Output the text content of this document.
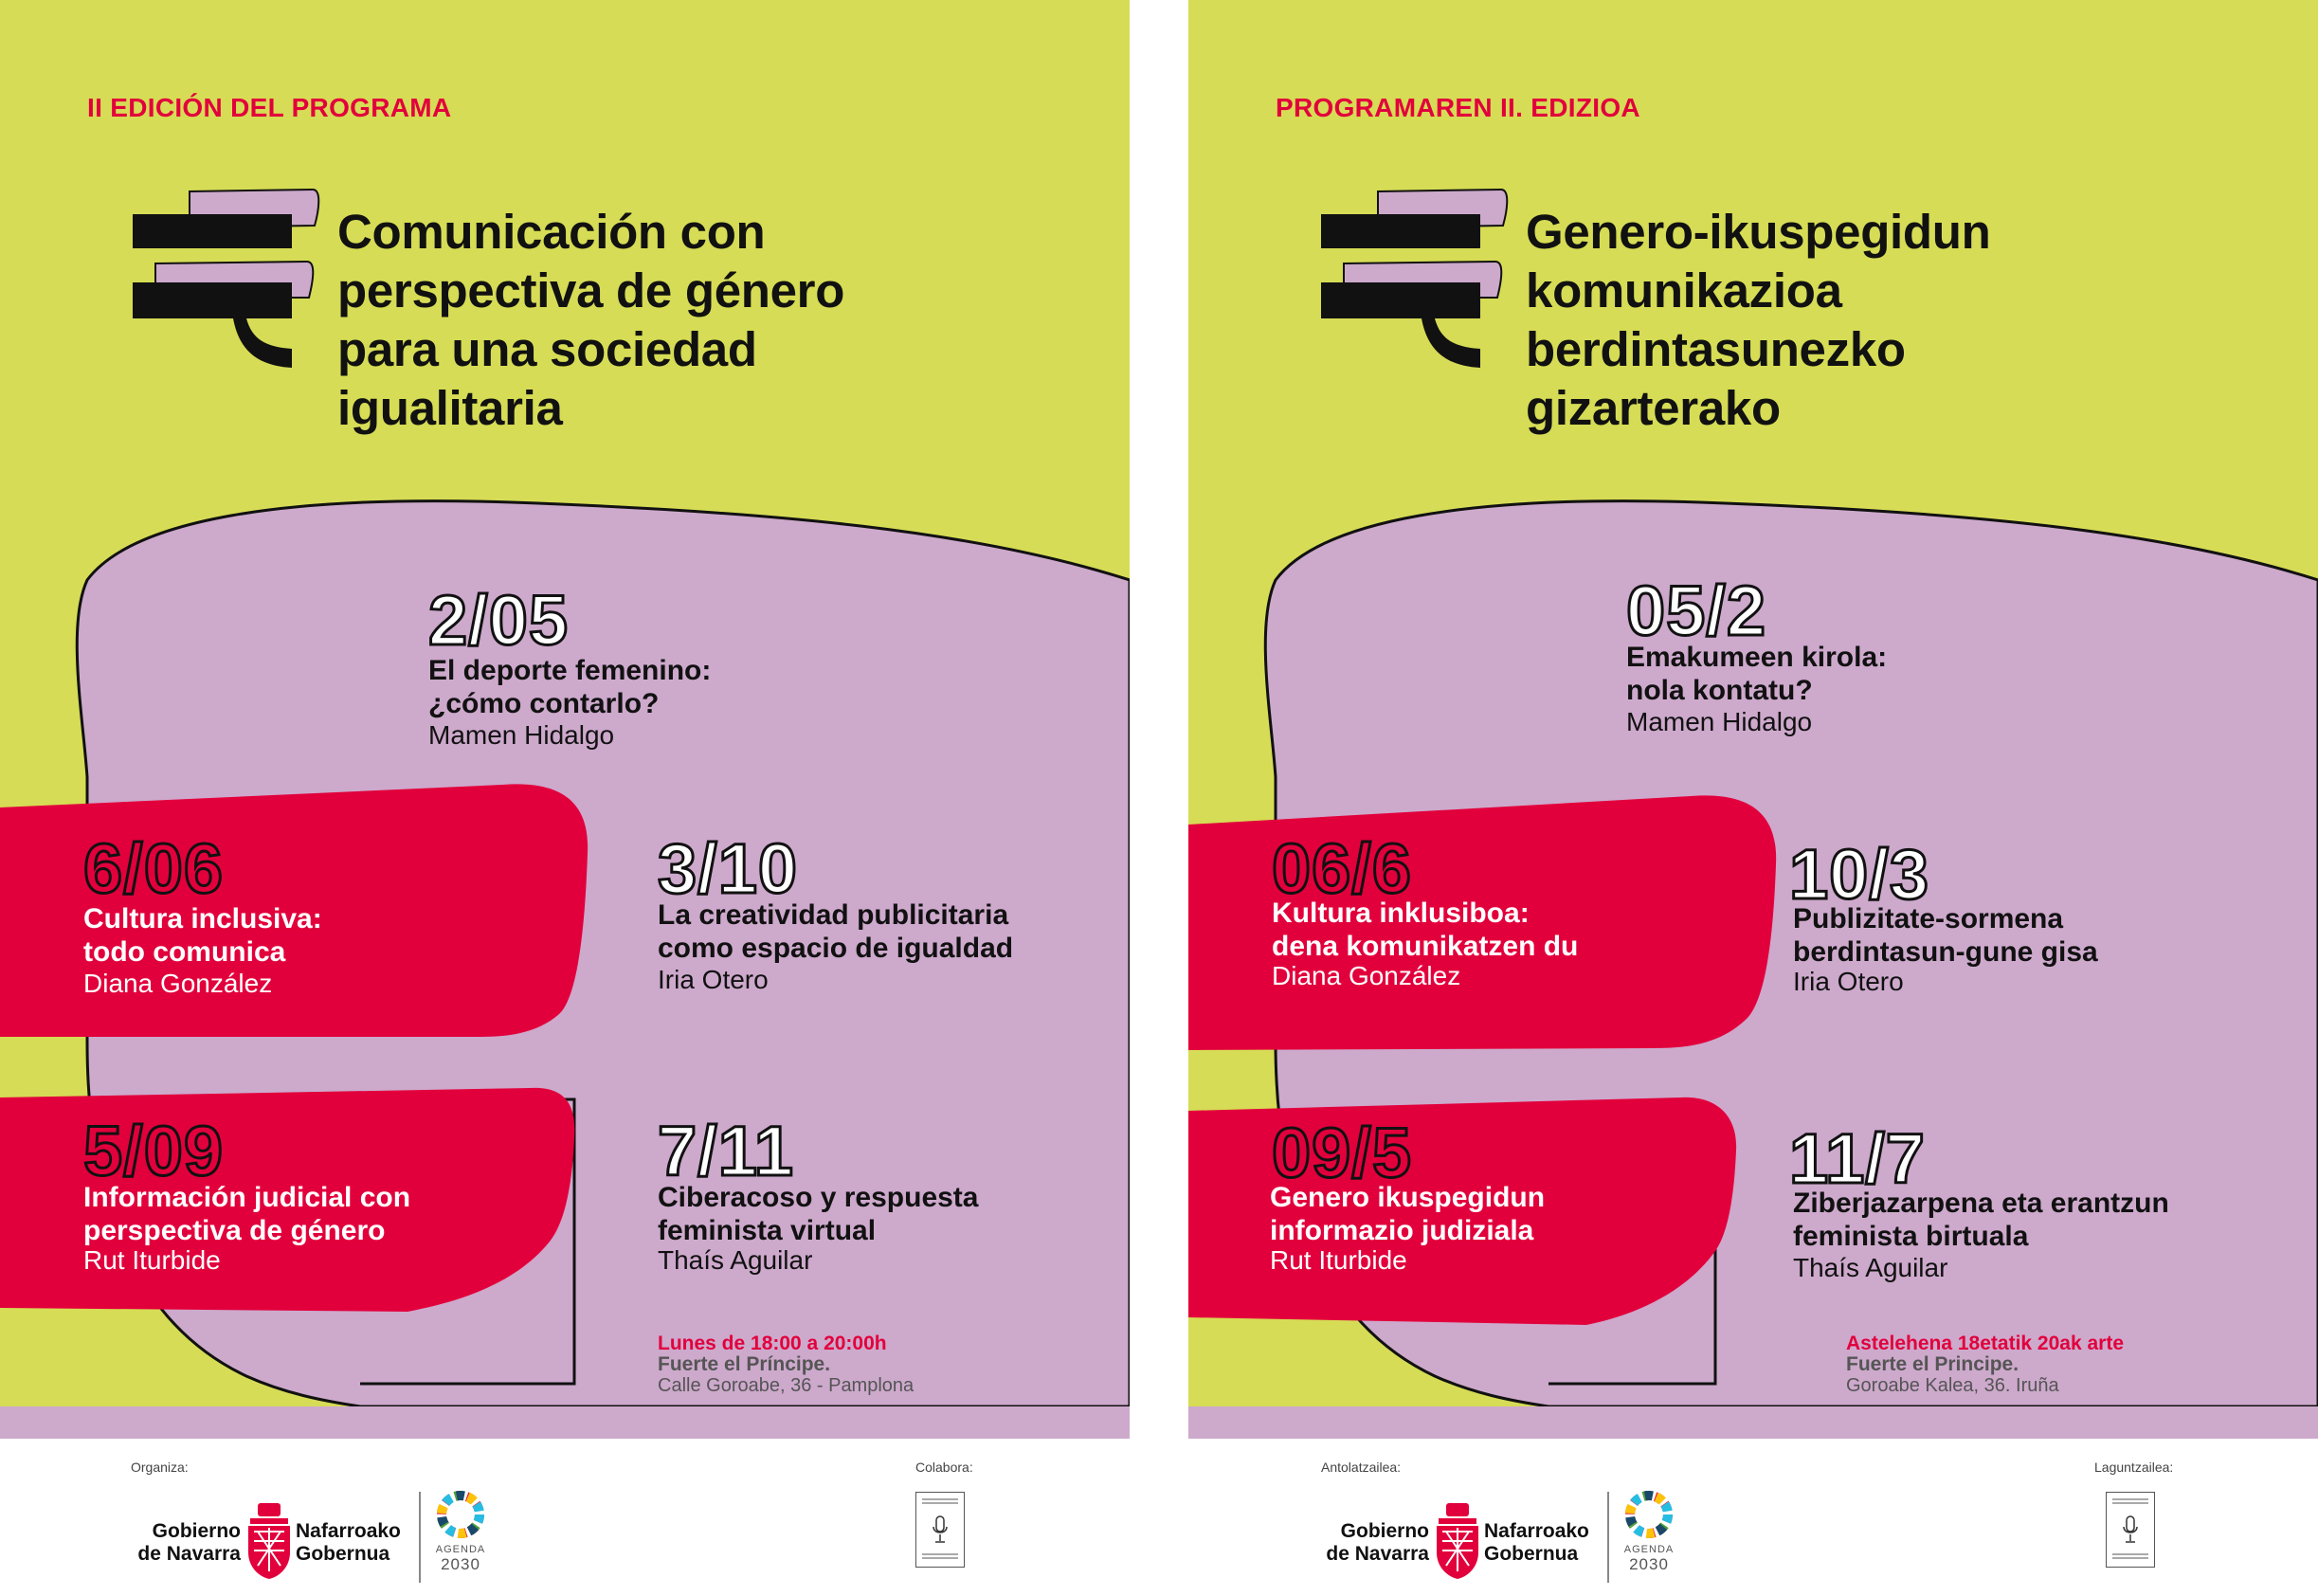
II EDICIÓN DEL PROGRAMA
Comunicación con
perspectiva de género
para una sociedad
igualitaria
2/05
El deporte femenino:
¿cómo contarlo?
Mamen Hidalgo
6/06
Cultura inclusiva:
todo comunica
Diana González
3/10
La creatividad publicitaria
como espacio de igualdad
Iria Otero
5/09
Información judicial con
perspectiva de género
Rut Iturbide
7/11
Ciberacoso y respuesta
feminista virtual
Thaís Aguilar
Lunes de 18:00 a 20:00h
Fuerte el Príncipe.
Calle Goroabe, 36 - Pamplona
Organiza:	Colabora:
Gobierno
de Navarra
Nafarroako
Gobernua	AGENDA
2030
PROGRAMAREN II. EDIZIOA
Genero-ikuspegidun
komunikazioa
berdintasunezko
gizarterako
05/2
Emakumeen kirola:
nola kontatu?
Mamen Hidalgo
06/6
Kultura inklusiboa:
dena komunikatzen du
Diana González
10/3
Publizitate-sormena
berdintasun-gune gisa
Iria Otero
09/5
Genero ikuspegidun
informazio judiziala
Rut Iturbide
11/7
Ziberjazarpena eta erantzun
feminista birtuala
Thaís Aguilar
Astelehena 18etatik 20ak arte
Fuerte el Principe.
Goroabe Kalea, 36. Iruña
Antolatzailea:	Laguntzailea:
Gobierno
de Navarra
Nafarroako
Gobernua	AGENDA
2030
